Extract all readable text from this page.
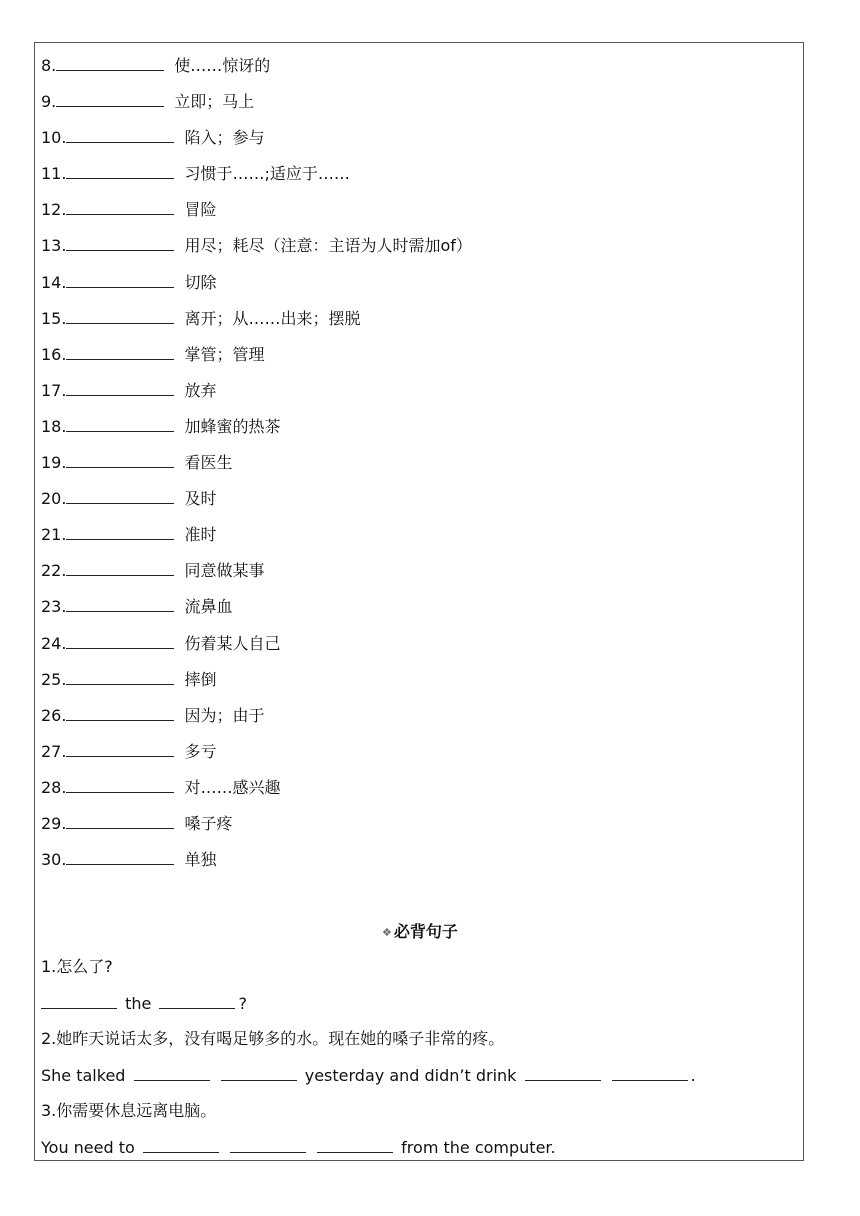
8.	使……惊讶的
9.	立即；马上
10.	陷入；参与
11.	习惯于……;适应于……
12.	冒险
13.	用尽；耗尽（注意：主语为人时需加of）
14.	切除
15.	离开；从……出来；摆脱
16.	掌管；管理
17.	放弃
18.	加蜂蜜的热茶
19.	看医生
20.	及时
21.	准时
22.	同意做某事
23.	流鼻血
24.	伤着某人自己
25.	摔倒
26.	因为；由于
27.	多亏
28.	对……感兴趣
29.	嗓子疼
30.	单独
❖ 必背句子
1.怎么了?
the	?
2.她昨天说话太多，没有喝足够多的水。现在她的嗓子非常的疼。
She talked	yesterday and didn’t drink	.
3.你需要休息远离电脑。
You need to	from the computer.
